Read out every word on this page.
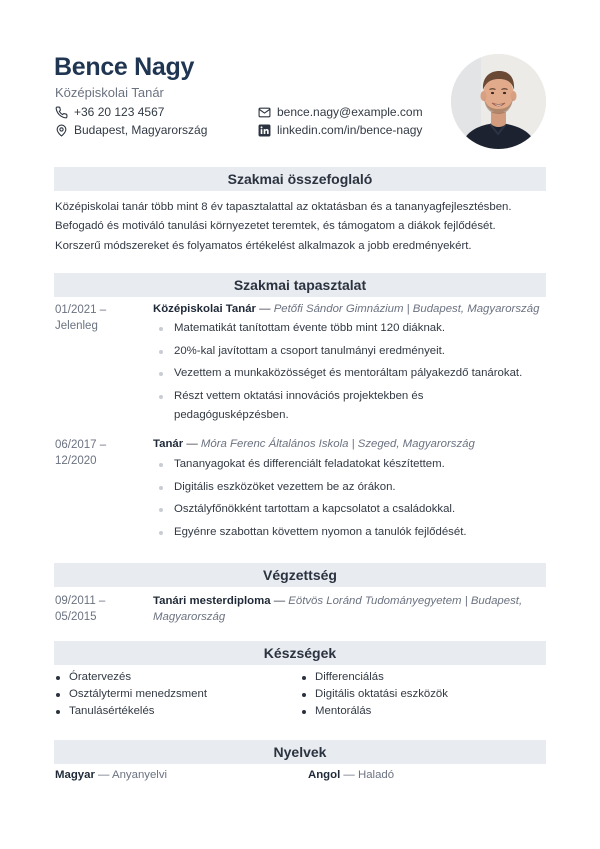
Bence Nagy
Középiskolai Tanár
+36 20 123 4567
Budapest, Magyarország
bence.nagy@example.com
linkedin.com/in/bence-nagy
Szakmai összefoglaló
Középiskolai tanár több mint 8 év tapasztalattal az oktatásban és a tananyagfejlesztésben.
Befogadó és motiváló tanulási környezetet teremtek, és támogatom a diákok fejlődését.
Korszerű módszereket és folyamatos értékelést alkalmazok a jobb eredményekért.
Szakmai tapasztalat
01/2021 –
Jelenleg
Középiskolai Tanár — Petőfi Sándor Gimnázium | Budapest, Magyarország
Matematikát tanítottam évente több mint 120 diáknak.
20%-kal javítottam a csoport tanulmányi eredményeit.
Vezettem a munkaközösséget és mentoráltam pályakezdő tanárokat.
Részt vettem oktatási innovációs projektekben és pedagógusképzésben.
06/2017 –
12/2020
Tanár — Móra Ferenc Általános Iskola | Szeged, Magyarország
Tananyagokat és differenciált feladatokat készítettem.
Digitális eszközöket vezettem be az órákon.
Osztályfőnökként tartottam a kapcsolatot a családokkal.
Egyénre szabottan követtem nyomon a tanulók fejlődését.
Végzettség
09/2011 –
05/2015
Tanári mesterdiploma — Eötvös Loránd Tudományegyetem | Budapest, Magyarország
Készségek
Óratervezés
Osztálytermi menedzsment
Tanulásértékelés
Differenciálás
Digitális oktatási eszközök
Mentorálás
Nyelvek
Magyar — Anyanyelvi	Angol — Haladó
